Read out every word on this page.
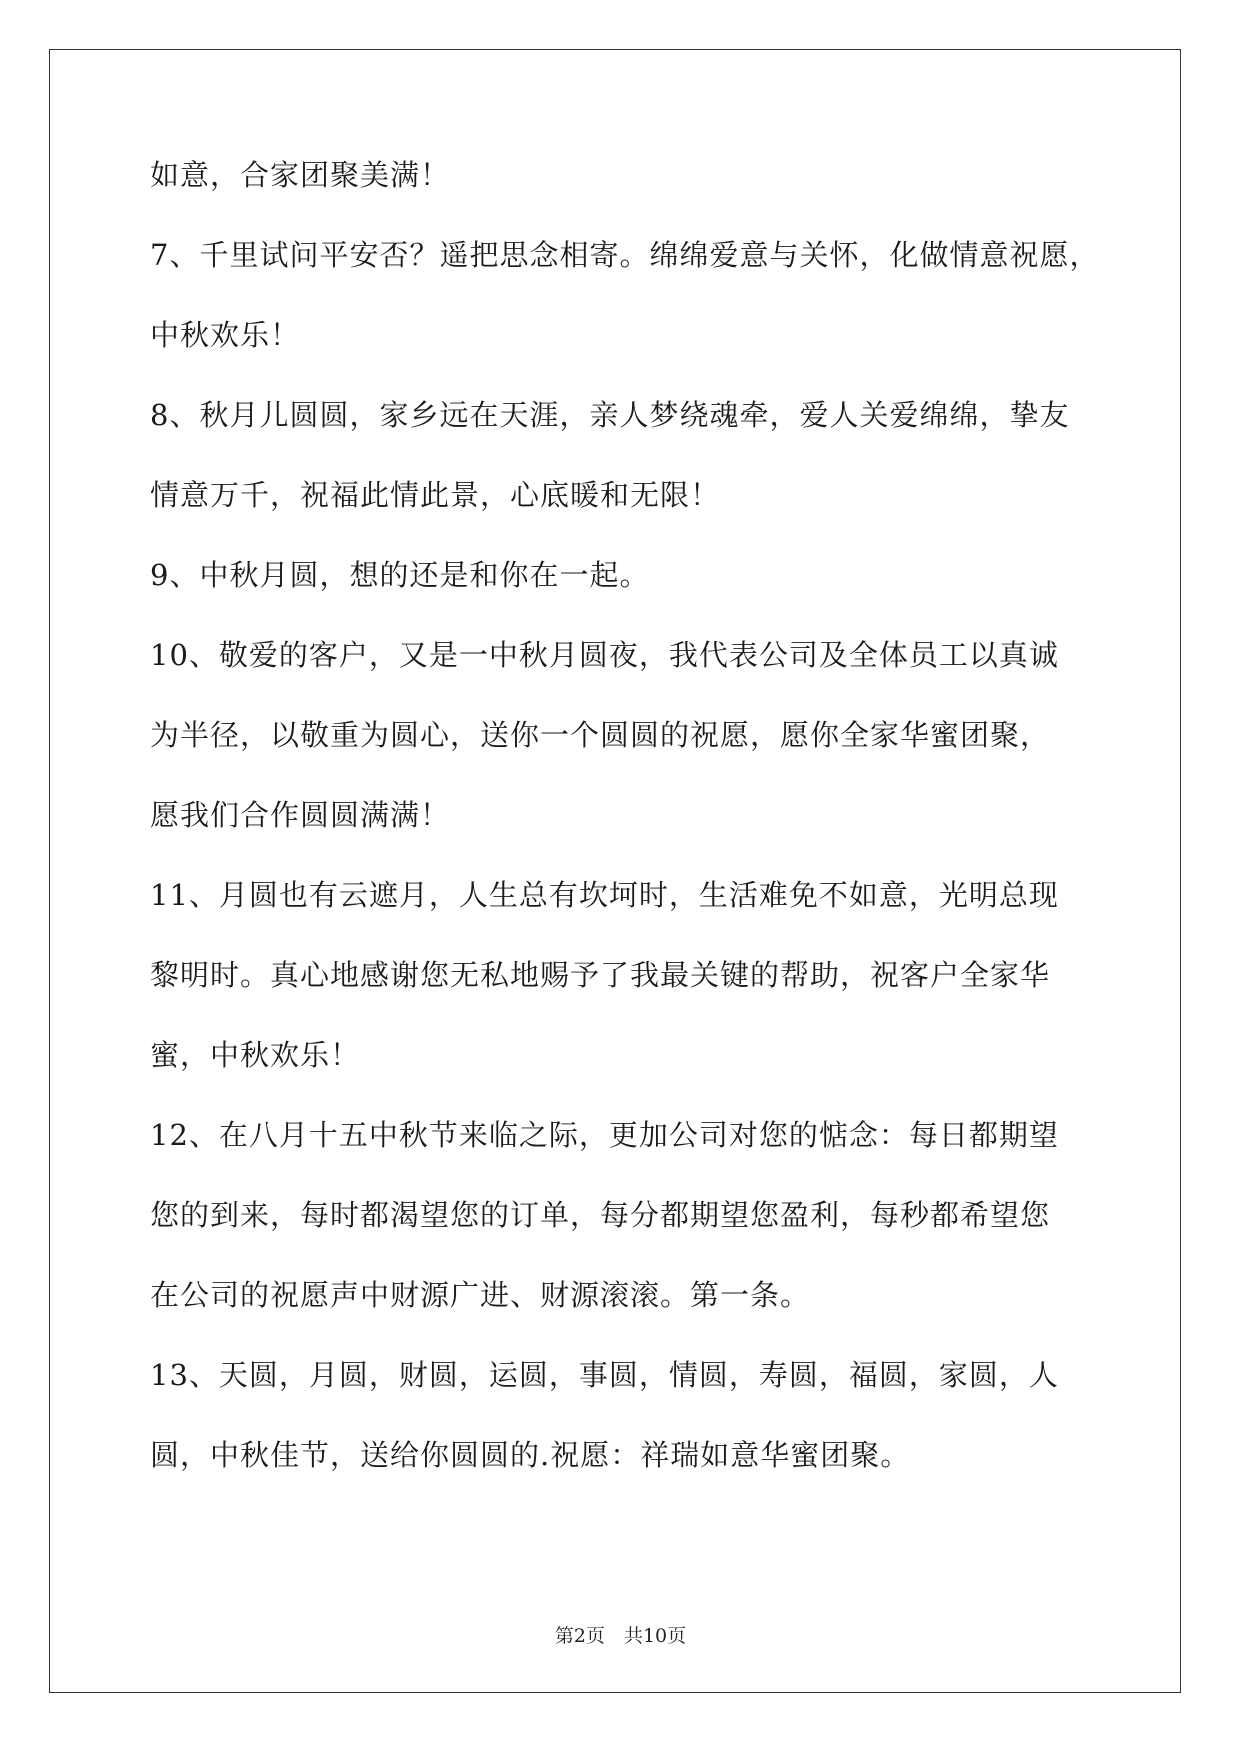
如意，合家团聚美满！
7、千里试问平安否？遥把思念相寄。绵绵爱意与关怀，化做情意祝愿，
中秋欢乐！
8、秋月儿圆圆，家乡远在天涯，亲人梦绕魂牵，爱人关爱绵绵，挚友
情意万千，祝福此情此景，心底暖和无限！
9、中秋月圆，想的还是和你在一起。
10、敬爱的客户，又是一中秋月圆夜，我代表公司及全体员工以真诚
为半径，以敬重为圆心，送你一个圆圆的祝愿，愿你全家华蜜团聚，
愿我们合作圆圆满满！
11、月圆也有云遮月，人生总有坎坷时，生活难免不如意，光明总现
黎明时。真心地感谢您无私地赐予了我最关键的帮助，祝客户全家华
蜜，中秋欢乐！
12、在八月十五中秋节来临之际，更加公司对您的惦念：每日都期望
您的到来，每时都渴望您的订单，每分都期望您盈利，每秒都希望您
在公司的祝愿声中财源广进、财源滚滚。第一条。
13、天圆，月圆，财圆，运圆，事圆，情圆，寿圆，福圆，家圆，人
圆，中秋佳节，送给你圆圆的.祝愿：祥瑞如意华蜜团聚。
第2页　共10页
